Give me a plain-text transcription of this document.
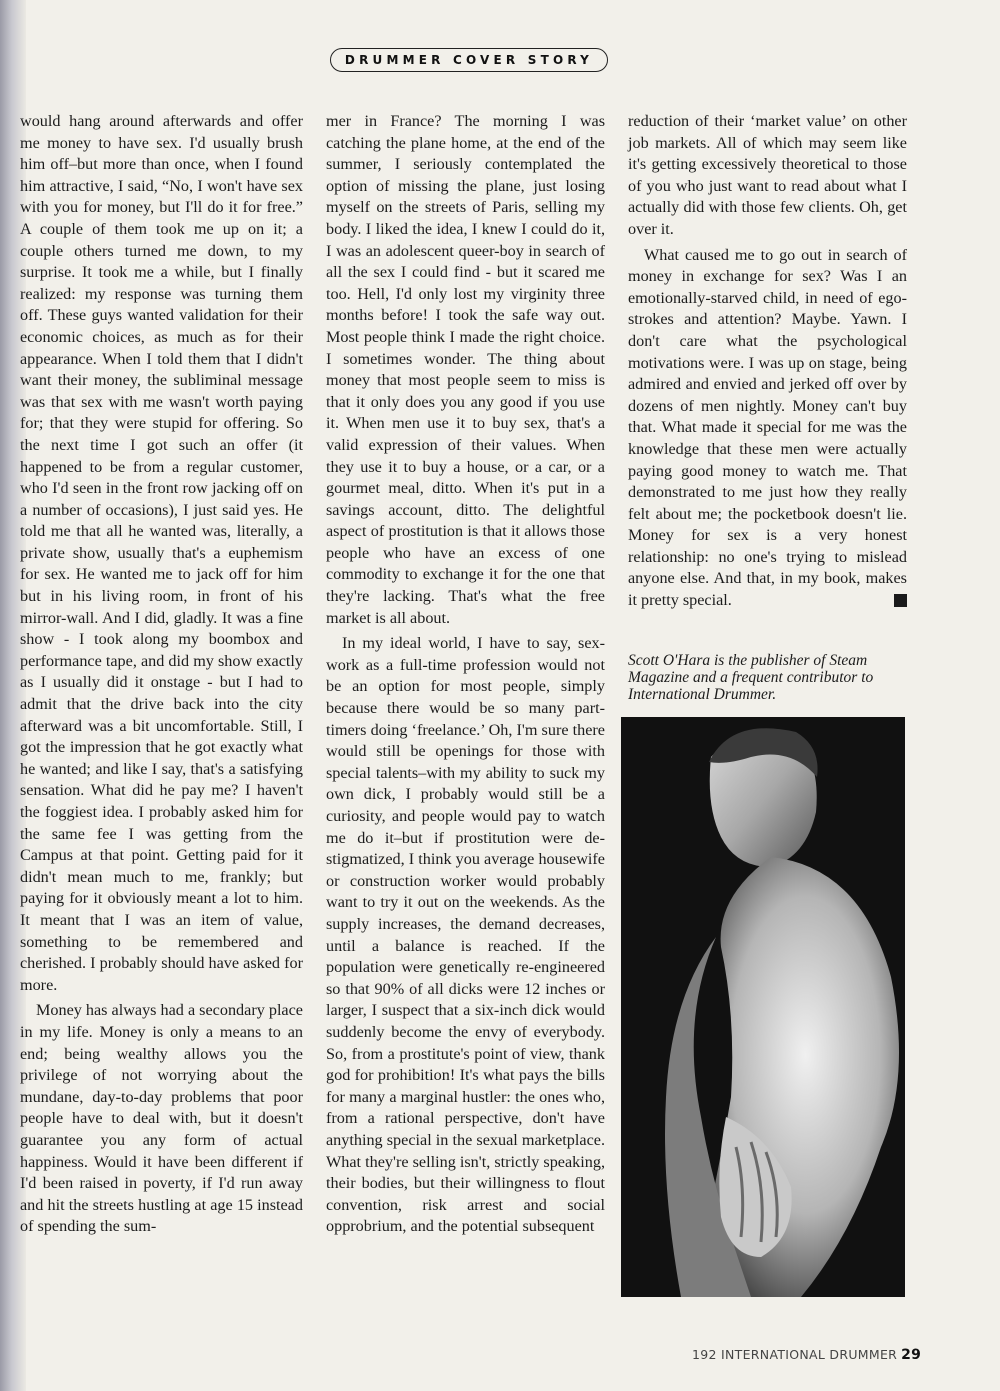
DRUMMER COVER STORY

would hang around afterwards and offer me money to have sex. I'd usually brush him off–but more than once, when I found him attractive, I said, “No, I won't have sex with you for money, but I'll do it for free.” A couple of them took me up on it; a couple others turned me down, to my surprise. It took me a while, but I finally realized: my response was turning them off. These guys wanted validation for their economic choices, as much as for their appearance. When I told them that I didn't want their money, the subliminal message was that sex with me wasn't worth paying for; that they were stupid for offering. So the next time I got such an offer (it happened to be from a regular customer, who I'd seen in the front row jacking off on a number of occasions), I just said yes. He told me that all he wanted was, literally, a private show, usually that's a euphemism for sex. He wanted me to jack off for him but in his living room, in front of his mirror-wall. And I did, gladly. It was a fine show - I took along my boombox and performance tape, and did my show exactly as I usually did it onstage - but I had to admit that the drive back into the city afterward was a bit uncomfortable. Still, I got the impression that he got exactly what he wanted; and like I say, that's a satisfying sensation. What did he pay me? I haven't the foggiest idea. I probably asked him for the same fee I was getting from the Campus at that point. Getting paid for it didn't mean much to me, frankly; but paying for it obviously meant a lot to him. It meant that I was an item of value, something to be remembered and cherished. I probably should have asked for more.

Money has always had a secondary place in my life. Money is only a means to an end; being wealthy allows you the privilege of not worrying about the mundane, day-to-day problems that poor people have to deal with, but it doesn't guarantee you any form of actual happiness. Would it have been different if I'd been raised in poverty, if I'd run away and hit the streets hustling at age 15 instead of spending the sum-

mer in France? The morning I was catching the plane home, at the end of the summer, I seriously contemplated the option of missing the plane, just losing myself on the streets of Paris, selling my body. I liked the idea, I knew I could do it, I was an adolescent queer-boy in search of all the sex I could find - but it scared me too. Hell, I'd only lost my virginity three months before! I took the safe way out. Most people think I made the right choice. I sometimes wonder. The thing about money that most people seem to miss is that it only does you any good if you use it. When men use it to buy sex, that's a valid expression of their values. When they use it to buy a house, or a car, or a gourmet meal, ditto. When it's put in a savings account, ditto. The delightful aspect of prostitution is that it allows those people who have an excess of one commodity to exchange it for the one that they're lacking. That's what the free market is all about.

In my ideal world, I have to say, sex-work as a full-time profession would not be an option for most people, simply because there would be so many part-timers doing ‘freelance.’ Oh, I'm sure there would still be openings for those with special talents–with my ability to suck my own dick, I probably would still be a curiosity, and people would pay to watch me do it–but if prostitution were de-stigmatized, I think you average housewife or construction worker would probably want to try it out on the weekends. As the supply increases, the demand decreases, until a balance is reached. If the population were genetically re-engineered so that 90% of all dicks were 12 inches or larger, I suspect that a six-inch dick would suddenly become the envy of everybody. So, from a prostitute's point of view, thank god for prohibition! It's what pays the bills for many a marginal hustler: the ones who, from a rational perspective, don't have anything special in the sexual marketplace. What they're selling isn't, strictly speaking, their bodies, but their willingness to flout convention, risk arrest and social opprobrium, and the potential subsequent

reduction of their ‘market value’ on other job markets. All of which may seem like it's getting excessively theoretical to those of you who just want to read about what I actually did with those few clients. Oh, get over it.

What caused me to go out in search of money in exchange for sex? Was I an emotionally-starved child, in need of ego-strokes and attention? Maybe. Yawn. I don't care what the psychological motivations were. I was up on stage, being admired and envied and jerked off over by dozens of men nightly. Money can't buy that. What made it special for me was the knowledge that these men were actually paying good money to watch me. That demonstrated to me just how they really felt about me; the pocketbook doesn't lie. Money for sex is a very honest relationship: no one's trying to mislead anyone else. And that, in my book, makes it pretty special.

Scott O'Hara is the publisher of Steam Magazine and a frequent contributor to International Drummer.
192 INTERNATIONAL DRUMMER 29
